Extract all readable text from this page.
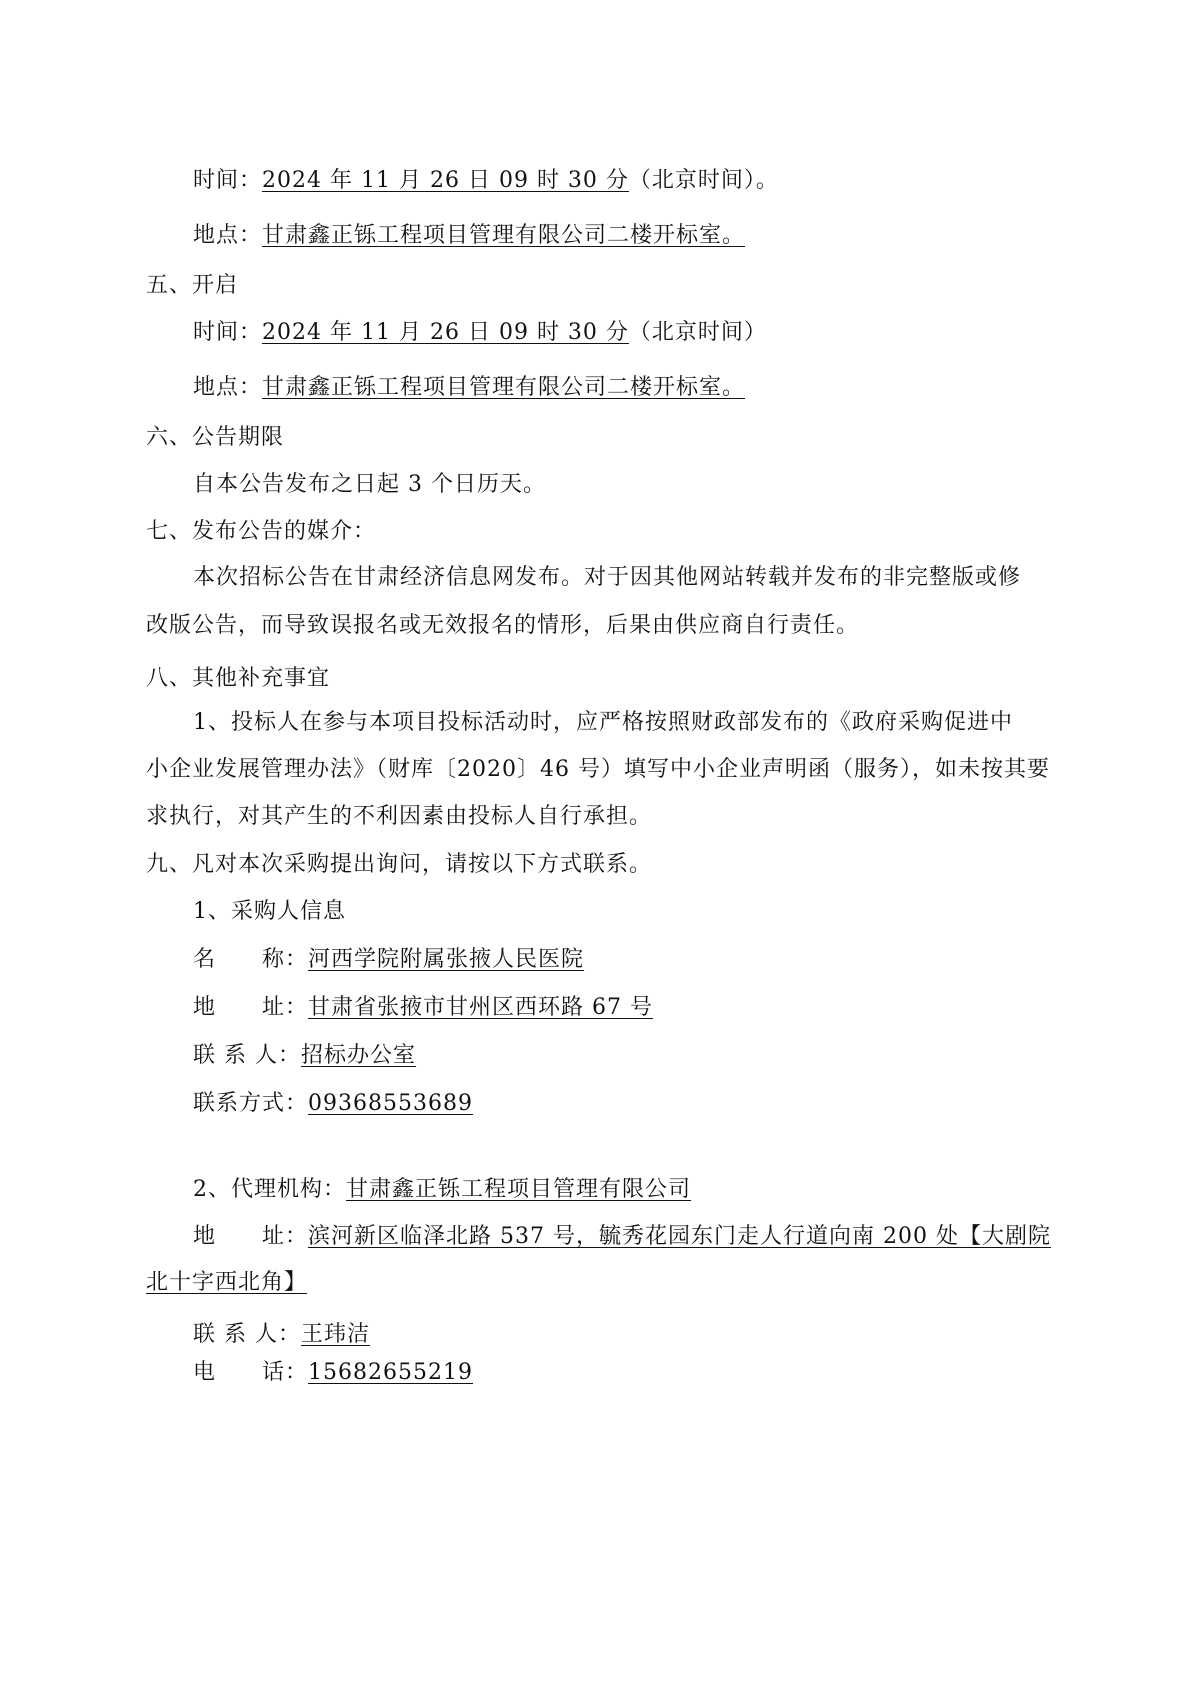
时间：2024 年 11 月 26 日 09 时 30 分（北京时间）。
地点：甘肃鑫正铄工程项目管理有限公司二楼开标室。
五、开启
时间：2024 年 11 月 26 日 09 时 30 分（北京时间）
地点：甘肃鑫正铄工程项目管理有限公司二楼开标室。
六、公告期限
自本公告发布之日起 3 个日历天。
七、发布公告的媒介：
本次招标公告在甘肃经济信息网发布。对于因其他网站转载并发布的非完整版或修
改版公告，而导致误报名或无效报名的情形，后果由供应商自行责任。
八、其他补充事宜
1、投标人在参与本项目投标活动时，应严格按照财政部发布的《政府采购促进中
小企业发展管理办法》（财库〔2020〕46 号）填写中小企业声明函（服务），如未按其要
求执行，对其产生的不利因素由投标人自行承担。
九、凡对本次采购提出询问，请按以下方式联系。
1、采购人信息
名　　称：河西学院附属张掖人民医院
地　　址：甘肃省张掖市甘州区西环路 67 号
联 系 人：招标办公室
联系方式：09368553689
2、代理机构：甘肃鑫正铄工程项目管理有限公司
地　　址：滨河新区临泽北路 537 号，毓秀花园东门走人行道向南 200 处【大剧院
北十字西北角】
联 系 人：王玮洁
电　　话：15682655219
